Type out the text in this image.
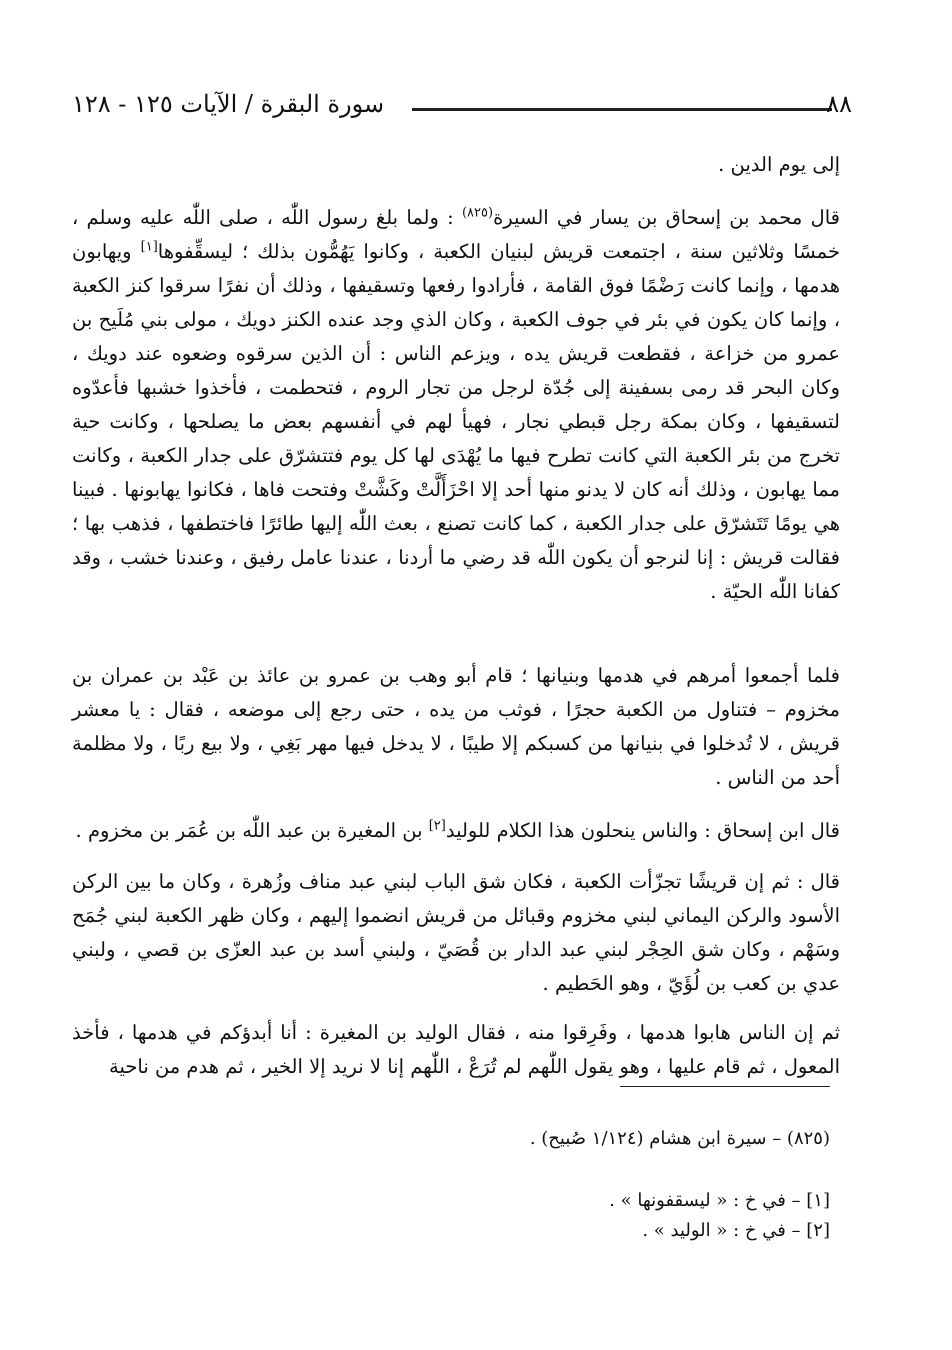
سورة البقرة / الآيات ١٢٥ - ١٢٨	٨٨

إلى يوم الدين .

قال محمد بن إسحاق بن يسار في السيرة$^{(٨٢٥)}$ : ولما بلغ رسول اللّٰه ، صلى اللّٰه عليه وسلم ، خمسًا وثلاثين سنة ، اجتمعت قريش لبنيان الكعبة ، وكانوا يَهُمُّون بذلك ؛ ليسقِّفوها[١] ويهابون هدمها ، وإنما كانت رَضْمًا فوق القامة ، فأرادوا رفعها وتسقيفها ، وذلك أن نفرًا سرقوا كنز الكعبة ، وإنما كان يكون في بئر في جوف الكعبة ، وكان الذي وجد عنده الكنز دويك ، مولى بني مُلَيح بن عمرو من خزاعة ، فقطعت قريش يده ، ويزعم الناس : أن الذين سرقوه وضعوه عند دويك ، وكان البحر قد رمى بسفينة إلى جُدّة لرجل من تجار الروم ، فتحطمت ، فأخذوا خشبها فأعدّوه لتسقيفها ، وكان بمكة رجل قبطي نجار ، فهيأ لهم في أنفسهم بعض ما يصلحها ، وكانت حية تخرج من بئر الكعبة التي كانت تطرح فيها ما يُهْدَى لها كل يوم فتتشرّق على جدار الكعبة ، وكانت مما يهابون ، وذلك أنه كان لا يدنو منها أحد إلا احْزَأَلَّتْ وكَشَّتْ وفتحت فاها ، فكانوا يهابونها . فبينا هي يومًا تَتَشرّق على جدار الكعبة ، كما كانت تصنع ، بعث اللّٰه إليها طائرًا فاختطفها ، فذهب بها ؛ فقالت قريش : إنا لنرجو أن يكون اللّٰه قد رضي ما أردنا ، عندنا عامل رفيق ، وعندنا خشب ، وقد كفانا اللّٰه الحيّة .

فلما أجمعوا أمرهم في هدمها وبنيانها ؛ قام أبو وهب بن عمرو بن عائذ بن عَبْد بن عمران بن مخزوم – فتناول من الكعبة حجرًا ، فوثب من يده ، حتى رجع إلى موضعه ، فقال : يا معشر قريش ، لا تُدخلوا في بنيانها من كسبكم إلا طيبًا ، لا يدخل فيها مهر بَغِي ، ولا بيع ربًا ، ولا مظلمة أحد من الناس .

قال ابن إسحاق : والناس ينحلون هذا الكلام للوليد[٢] بن المغيرة بن عبد اللّٰه بن عُمَر بن مخزوم .

قال : ثم إن قريشًا تجزّأت الكعبة ، فكان شق الباب لبني عبد مناف وزُهرة ، وكان ما بين الركن الأسود والركن اليماني لبني مخزوم وقبائل من قريش انضموا إليهم ، وكان ظهر الكعبة لبني جُمَح وسَهْم ، وكان شق الحِجْر لبني عبد الدار بن قُصَيّ ، ولبني أسد بن عبد العزّى بن قصي ، ولبني عدي بن كعب بن لُؤَيّ ، وهو الحَطيم .

ثم إن الناس هابوا هدمها ، وفَرِقوا منه ، فقال الوليد بن المغيرة : أنا أبدؤكم في هدمها ، فأخذ المعول ، ثم قام عليها ، وهو يقول اللّٰهم لم تُرَعْ ، اللّٰهم إنا لا نريد إلا الخير ، ثم هدم من ناحية

(٨٢٥) – سيرة ابن هشام (١/١٢٤ صُبيح) .
[١] – في خ : « ليسقفونها » .
[٢] – في خ : « الوليد » .
